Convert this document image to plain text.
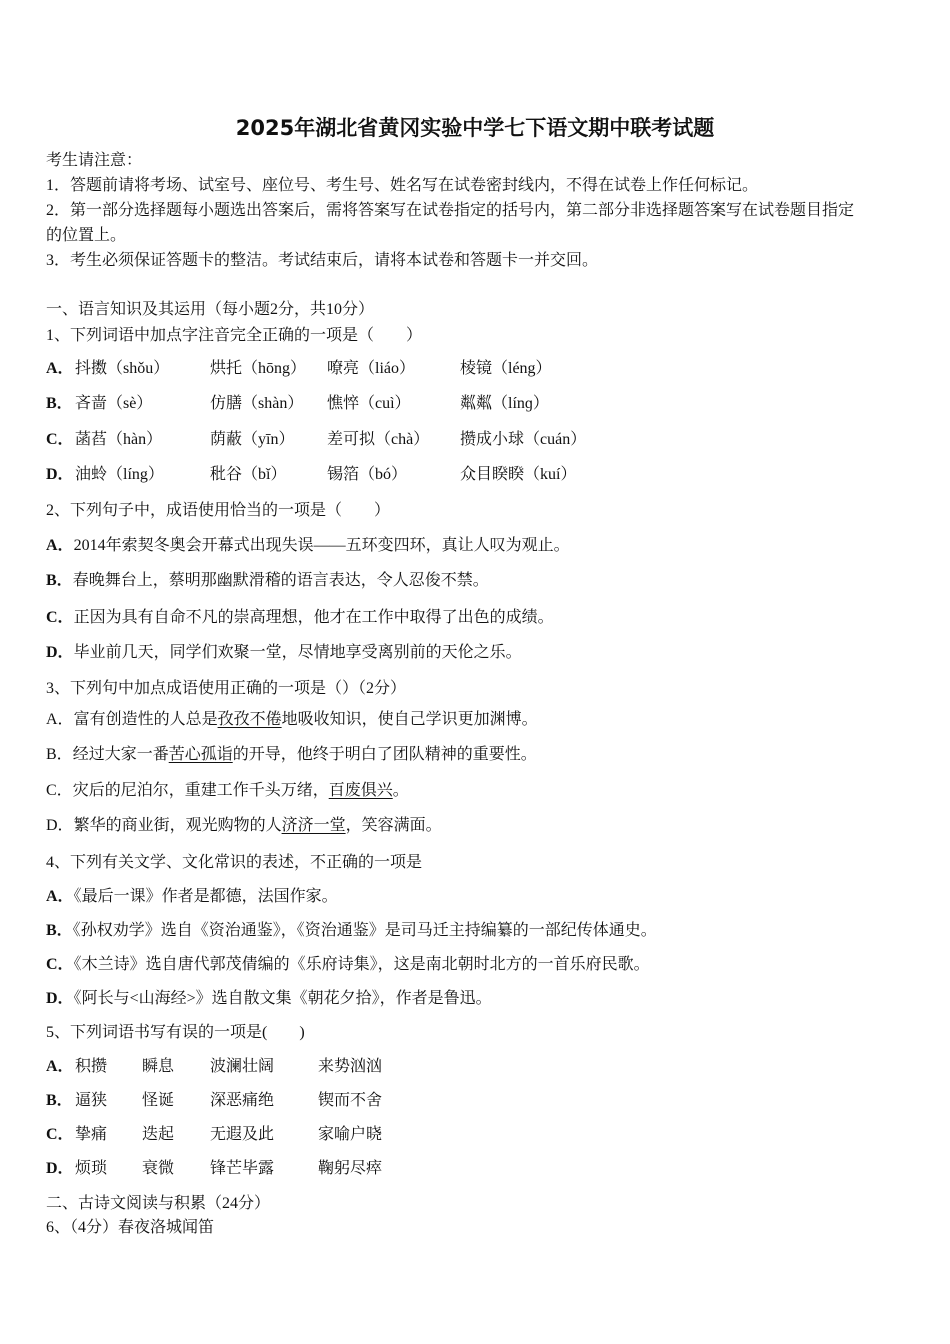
2025年湖北省黄冈实验中学七下语文期中联考试题
考生请注意：
1．答题前请将考场、试室号、座位号、考生号、姓名写在试卷密封线内，不得在试卷上作任何标记。
2．第一部分选择题每小题选出答案后，需将答案写在试卷指定的括号内，第二部分非选择题答案写在试卷题目指定
的位置上。
3．考生必须保证答题卡的整洁。考试结束后，请将本试卷和答题卡一并交回。
一、语言知识及其运用（每小题2分，共10分）
1、下列词语中加点字注音完全正确的一项是（　　）
A． 抖擞（shǒu）	烘托（hōng） 嘹亮（liáo）	棱镜（léng）
B． 吝啬（sè）	仿膳（shàn） 憔悴（cuì）	粼粼（línɡ）
C． 菡萏（hàn）	荫蔽（yīn） 差可拟（chà） 攒成小球（cuán）
D． 油蛉（líng）	秕谷（bǐ）	锡箔（bó）	众目睽睽（kuí）
2、下列句子中，成语使用恰当的一项是（　　）
A．2014年索契冬奥会开幕式出现失误——五环变四环，真让人叹为观止。
B．春晚舞台上，蔡明那幽默滑稽的语言表达，令人忍俊不禁。
C．正因为具有自命不凡的崇高理想，他才在工作中取得了出色的成绩。
D．毕业前几天，同学们欢聚一堂，尽情地享受离别前的天伦之乐。
3、下列句中加点成语使用正确的一项是（）（2分）
A．富有创造性的人总是孜孜不倦地吸收知识，使自己学识更加渊博。
B．经过大家一番苦心孤诣的开导，他终于明白了团队精神的重要性。
C．灾后的尼泊尔，重建工作千头万绪，百废俱兴。
D．繁华的商业街，观光购物的人济济一堂，笑容满面。
4、下列有关文学、文化常识的表述，不正确的一项是
A．《最后一课》作者是都德，法国作家。
B．《孙权劝学》选自《资治通鉴》，《资治通鉴》是司马迁主持编纂的一部纪传体通史。
C．《木兰诗》选自唐代郭茂倩编的《乐府诗集》，这是南北朝时北方的一首乐府民歌。
D．《阿长与<山海经>》选自散文集《朝花夕拾》，作者是鲁迅。
5、下列词语书写有误的一项是(　　)
A． 积攒 瞬息 波澜壮阔	来势汹汹
B． 逼狭 怪诞 深恶痛绝	锲而不舍
C． 挚痛 迭起 无遐及此	家喻户晓
D． 烦琐 衰微 锋芒毕露	鞠躬尽瘁
二、古诗文阅读与积累（24分）
6、（4分）春夜洛城闻笛
